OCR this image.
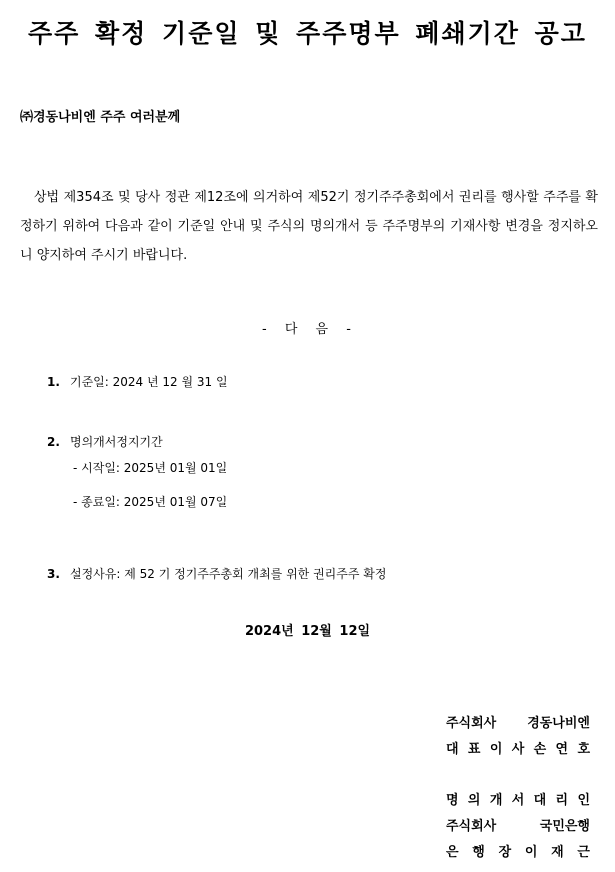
주주 확정 기준일 및 주주명부 폐쇄기간 공고
㈜경동나비엔 주주 여러분께
상법 제354조 및 당사 정관 제12조에 의거하여 제52기 정기주주총회에서 권리를 행사할 주주를 확정하기 위하여 다음과 같이 기준일 안내 및 주식의 명의개서 등 주주명부의 기재사항 변경을 정지하오니 양지하여 주시기 바랍니다.
- 다 음 -
1. 기준일: 2024 년 12 월 31 일
2. 명의개서정지기간
- 시작일: 2025년 01월 01일
- 종료일: 2025년 01월 07일
3. 설정사유: 제 52 기 정기주주총회 개최를 위한 권리주주 확정
2024년 12월 12일
주식회사 경동나비엔
대 표 이 사 손 연 호
명 의 개 서 대 리 인
주식회사 국민은행
은 행 장 이 재 근
